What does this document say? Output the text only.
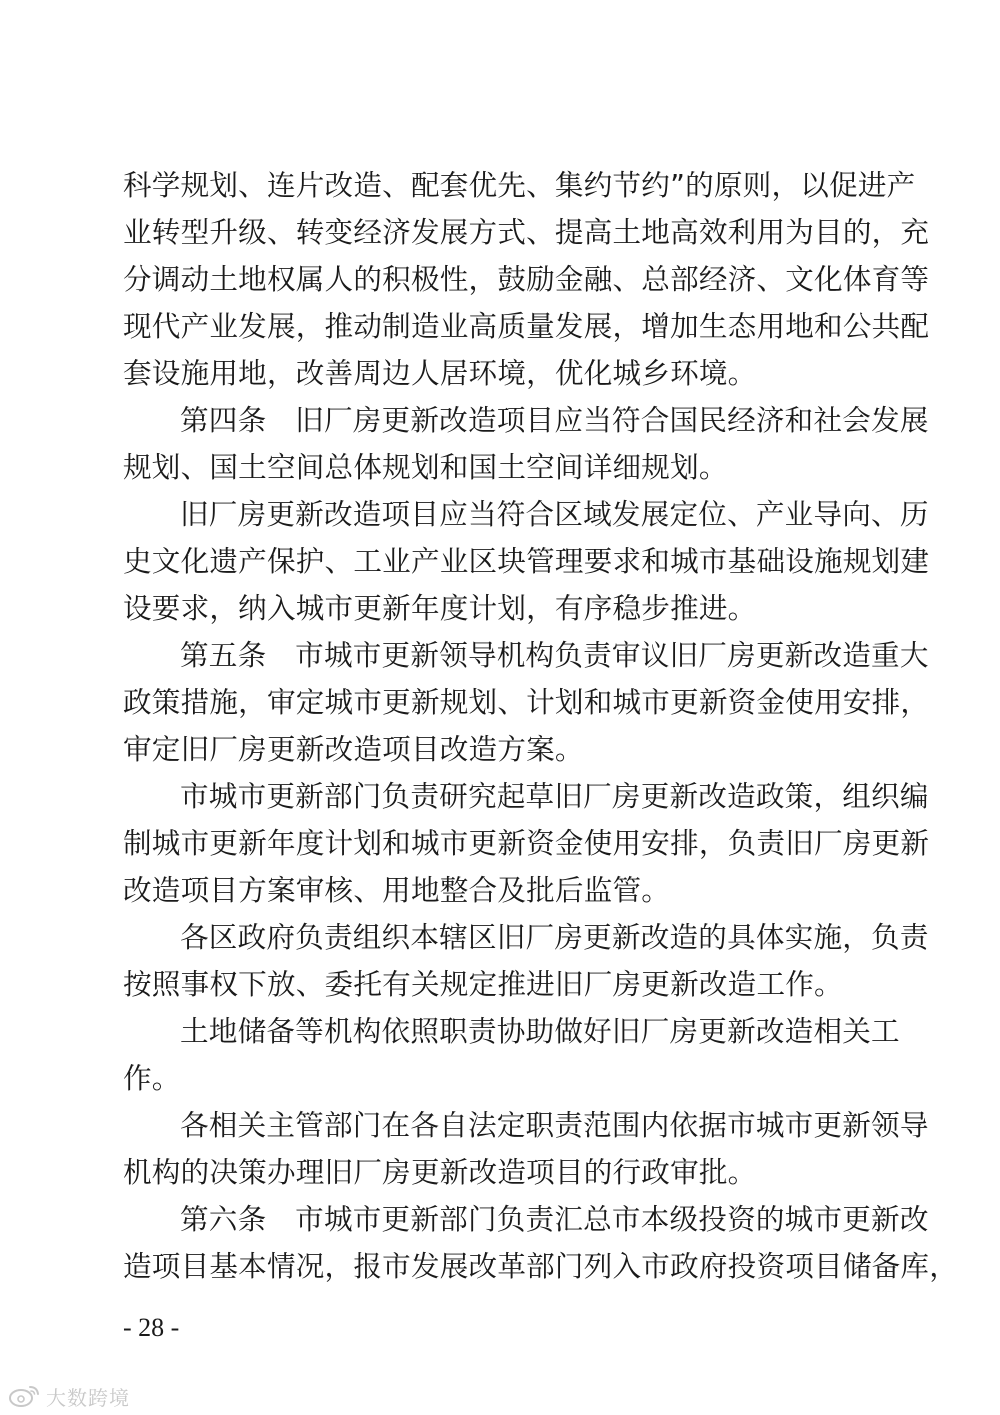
科学规划、连片改造、配套优先、集约节约”的原则，以促进产
业转型升级、转变经济发展方式、提高土地高效利用为目的，充
分调动土地权属人的积极性，鼓励金融、总部经济、文化体育等
现代产业发展，推动制造业高质量发展，增加生态用地和公共配
套设施用地，改善周边人居环境，优化城乡环境。
第四条　旧厂房更新改造项目应当符合国民经济和社会发展
规划、国土空间总体规划和国土空间详细规划。
旧厂房更新改造项目应当符合区域发展定位、产业导向、历
史文化遗产保护、工业产业区块管理要求和城市基础设施规划建
设要求，纳入城市更新年度计划，有序稳步推进。
第五条　市城市更新领导机构负责审议旧厂房更新改造重大
政策措施，审定城市更新规划、计划和城市更新资金使用安排，
审定旧厂房更新改造项目改造方案。
市城市更新部门负责研究起草旧厂房更新改造政策，组织编
制城市更新年度计划和城市更新资金使用安排，负责旧厂房更新
改造项目方案审核、用地整合及批后监管。
各区政府负责组织本辖区旧厂房更新改造的具体实施，负责
按照事权下放、委托有关规定推进旧厂房更新改造工作。
土地储备等机构依照职责协助做好旧厂房更新改造相关工
作。
各相关主管部门在各自法定职责范围内依据市城市更新领导
机构的决策办理旧厂房更新改造项目的行政审批。
第六条　市城市更新部门负责汇总市本级投资的城市更新改
造项目基本情况，报市发展改革部门列入市政府投资项目储备库，
- 28 -
大数跨境
